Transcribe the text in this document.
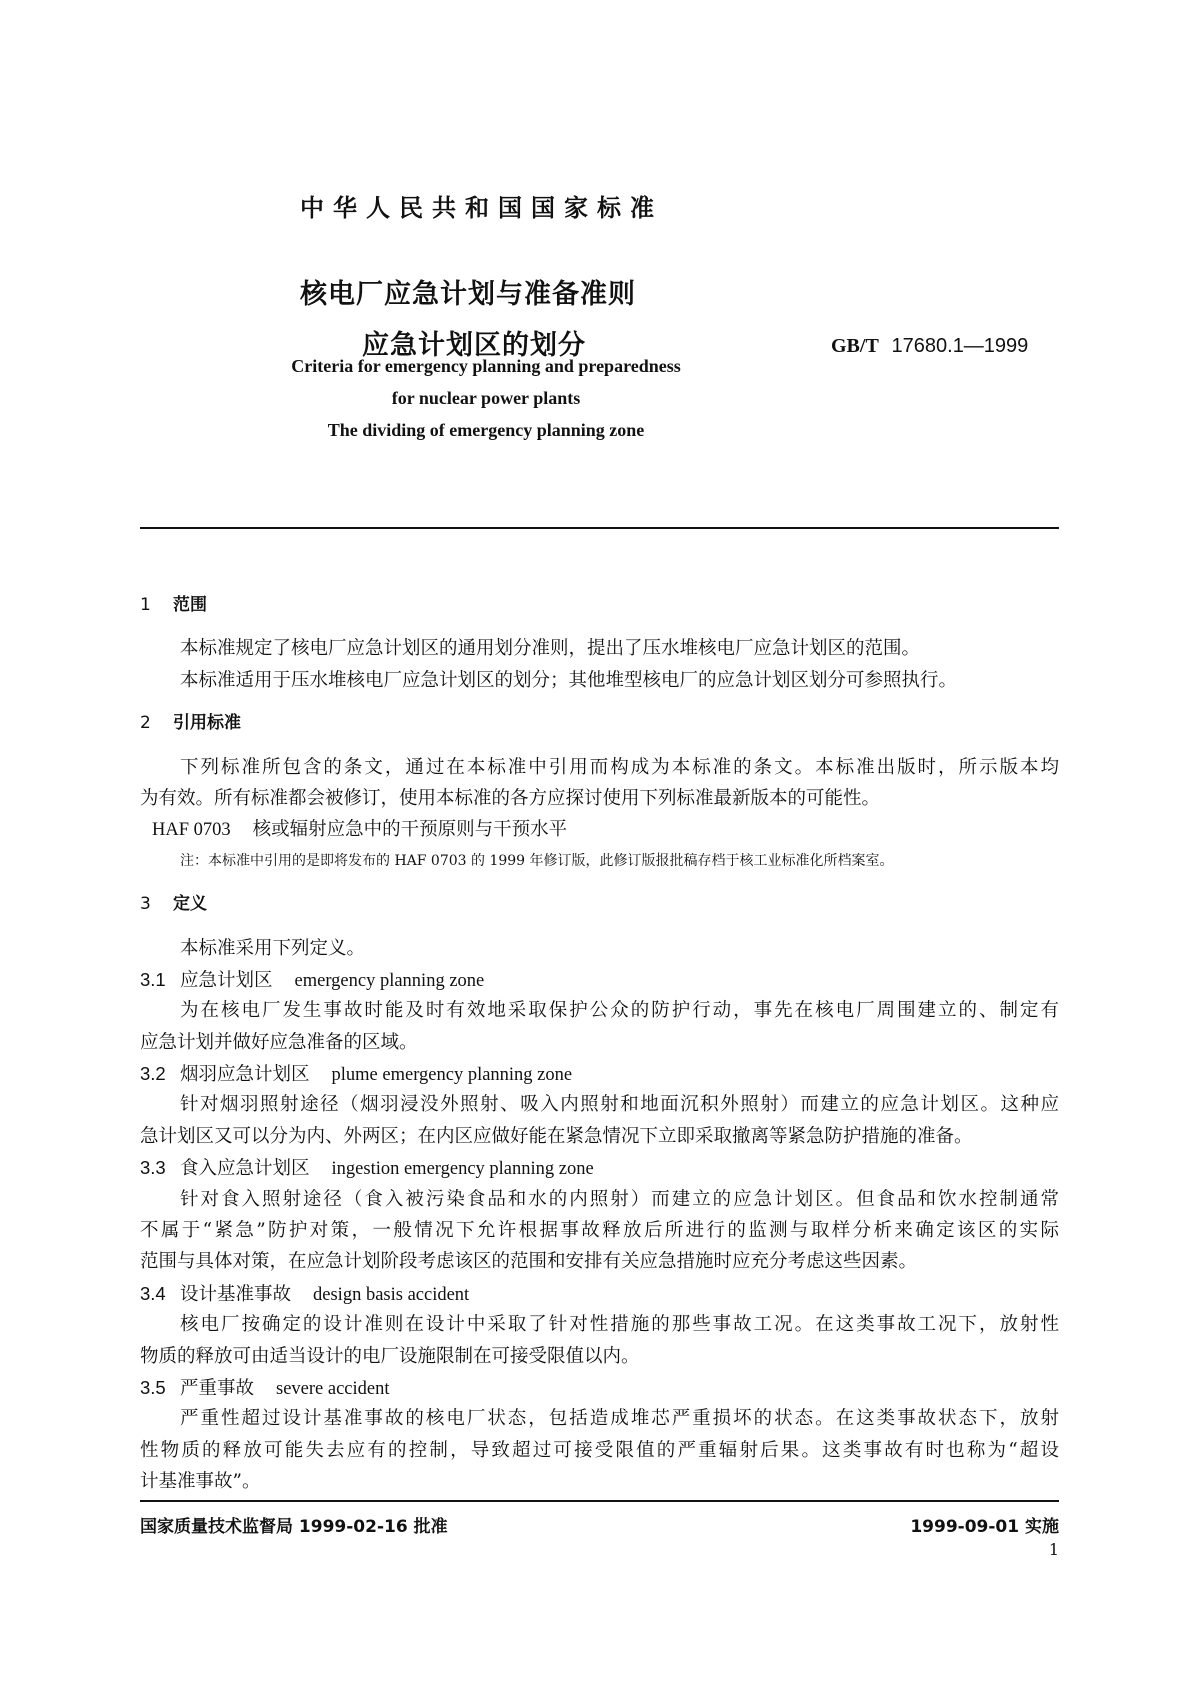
中华人民共和国国家标准
核电厂应急计划与准备准则
应急计划区的划分	GB/T 17680.1—1999
Criteria for emergency planning and preparedness
for nuclear power plants
The dividing of emergency planning zone
1 范围
本标准规定了核电厂应急计划区的通用划分准则，提出了压水堆核电厂应急计划区的范围。
本标准适用于压水堆核电厂应急计划区的划分；其他堆型核电厂的应急计划区划分可参照执行。
2 引用标准
下列标准所包含的条文，通过在本标准中引用而构成为本标准的条文。本标准出版时，所示版本均
为有效。所有标准都会被修订，使用本标准的各方应探讨使用下列标准最新版本的可能性。
HAF 0703 核或辐射应急中的干预原则与干预水平
注：本标准中引用的是即将发布的 HAF 0703 的 1999 年修订版，此修订版报批稿存档于核工业标准化所档案室。
3 定义
本标准采用下列定义。
3.1 应急计划区 emergency planning zone
为在核电厂发生事故时能及时有效地采取保护公众的防护行动，事先在核电厂周围建立的、制定有
应急计划并做好应急准备的区域。
3.2 烟羽应急计划区 plume emergency planning zone
针对烟羽照射途径（烟羽浸没外照射、吸入内照射和地面沉积外照射）而建立的应急计划区。这种应
急计划区又可以分为内、外两区；在内区应做好能在紧急情况下立即采取撤离等紧急防护措施的准备。
3.3 食入应急计划区 ingestion emergency planning zone
针对食入照射途径（食入被污染食品和水的内照射）而建立的应急计划区。但食品和饮水控制通常
不属于“紧急”防护对策，一般情况下允许根据事故释放后所进行的监测与取样分析来确定该区的实际
范围与具体对策，在应急计划阶段考虑该区的范围和安排有关应急措施时应充分考虑这些因素。
3.4 设计基准事故 design basis accident
核电厂按确定的设计准则在设计中采取了针对性措施的那些事故工况。在这类事故工况下，放射性
物质的释放可由适当设计的电厂设施限制在可接受限值以内。
3.5 严重事故 severe accident
严重性超过设计基准事故的核电厂状态，包括造成堆芯严重损坏的状态。在这类事故状态下，放射
性物质的释放可能失去应有的控制，导致超过可接受限值的严重辐射后果。这类事故有时也称为“超设
计基准事故”。
国家质量技术监督局 1999-02-16 批准	1999-09-01 实施
1
